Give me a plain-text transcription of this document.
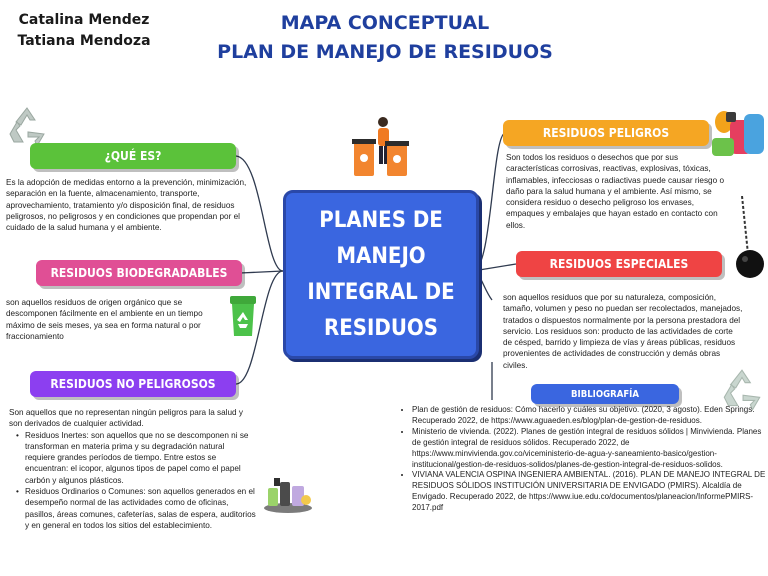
Catalina Mendez
Tatiana Mendoza
MAPA CONCEPTUAL
PLAN DE MANEJO DE RESIDUOS
PLANES DE
MANEJO
INTEGRAL DE
RESIDUOS
¿QUÉ ES?
Es la adopción de medidas entorno a la prevención, minimización, separación en la fuente, almacenamiento, transporte, aprovechamiento, tratamiento y/o disposición final, de residuos peligrosos, no peligrosos y en condiciones que propendan por el cuidado de la salud humana y el ambiente.
RESIDUOS BIODEGRADABLES
son aquellos residuos de origen orgánico que se descomponen fácilmente en el ambiente en un tiempo máximo de seis meses, ya sea en forma natural o por fraccionamiento
RESIDUOS NO PELIGROSOS
Son aquellos que no representan ningún peligros para la salud y son derivados de cualquier actividad.
• Residuos Inertes: son aquellos que no se descomponen ni se transforman en materia prima y su degradación natural requiere grandes períodos de tiempo. Entre estos se encuentran: el icopor, algunos tipos de papel como el papel carbón y algunos plásticos.
• Residuos Ordinarios o Comunes: son aquellos generados en el desempeño normal de las actividades como de oficinas, pasillos, áreas comunes, cafeterías, salas de espera, auditorios y en general en todos los sitios del establecimiento.
RESIDUOS PELIGROS
Son todos los residuos o desechos que por sus características corrosivas, reactivas, explosivas, tóxicas, inflamables, infecciosas o radiactivas puede causar riesgo o daño para la salud humana y el ambiente. Así mismo, se considera residuo o desecho peligroso los envases, empaques y embalajes que hayan estado en contacto con ellos.
RESIDUOS ESPECIALES
son aquellos residuos que por su naturaleza, composición, tamaño, volumen y peso no puedan ser recolectados, manejados, tratados o dispuestos normalmente por la persona prestadora del servicio. Los residuos son: producto de las actividades de corte de césped, barrido y limpieza de vías y áreas públicas, residuos provenientes de actividades de construcción y demás obras civiles.
BIBLIOGRAFÍA
• Plan de gestión de residuos: Cómo hacerlo y cuáles su objetivo. (2020, 3 agosto). Eden Springs. Recuperado 2022, de https://www.aguaeden.es/blog/plan-de-gestion-de-residuos.
• Ministerio de vivienda. (2022). Planes de gestión integral de residuos sólidos | Minvivienda. Planes de gestión integral de residuos sólidos. Recuperado 2022, de https://www.minvivienda.gov.co/viceministerio-de-agua-y-saneamiento-basico/gestion-institucional/gestion-de-residuos-solidos/planes-de-gestion-integral-de-residuos-solidos.
• VIVIANA VALENCIA OSPINA INGENIERA AMBIENTAL. (2016). PLAN DE MANEJO INTEGRAL DE RESIDUOS SÓLIDOS INSTITUCIÓN UNIVERSITARIA DE ENVIGADO (PMIRS). Alcaldía de Envigado. Recuperado 2022, de https://www.iue.edu.co/documentos/planeacion/InformePMIRS-2017.pdf
